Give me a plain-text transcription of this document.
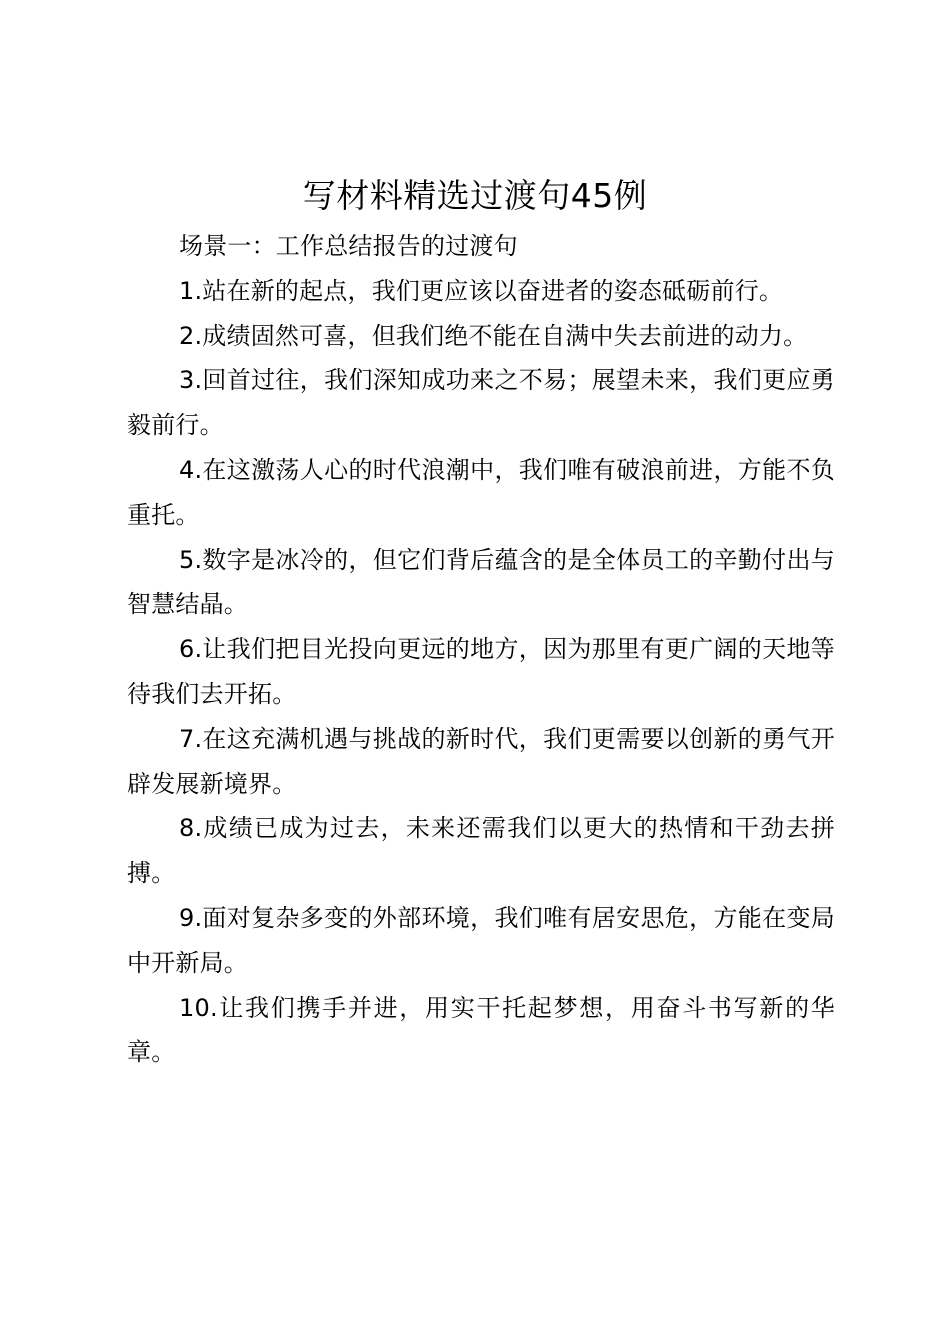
写材料精选过渡句45例

场景一：工作总结报告的过渡句

1.站在新的起点，我们更应该以奋进者的姿态砥砺前行。

2.成绩固然可喜，但我们绝不能在自满中失去前进的动力。

3.回首过往，我们深知成功来之不易；展望未来，我们更应勇毅前行。

4.在这激荡人心的时代浪潮中，我们唯有破浪前进，方能不负重托。

5.数字是冰冷的，但它们背后蕴含的是全体员工的辛勤付出与智慧结晶。

6.让我们把目光投向更远的地方，因为那里有更广阔的天地等待我们去开拓。

7.在这充满机遇与挑战的新时代，我们更需要以创新的勇气开辟发展新境界。

8.成绩已成为过去，未来还需我们以更大的热情和干劲去拼搏。

9.面对复杂多变的外部环境，我们唯有居安思危，方能在变局中开新局。

10.让我们携手并进，用实干托起梦想，用奋斗书写新的华章。
